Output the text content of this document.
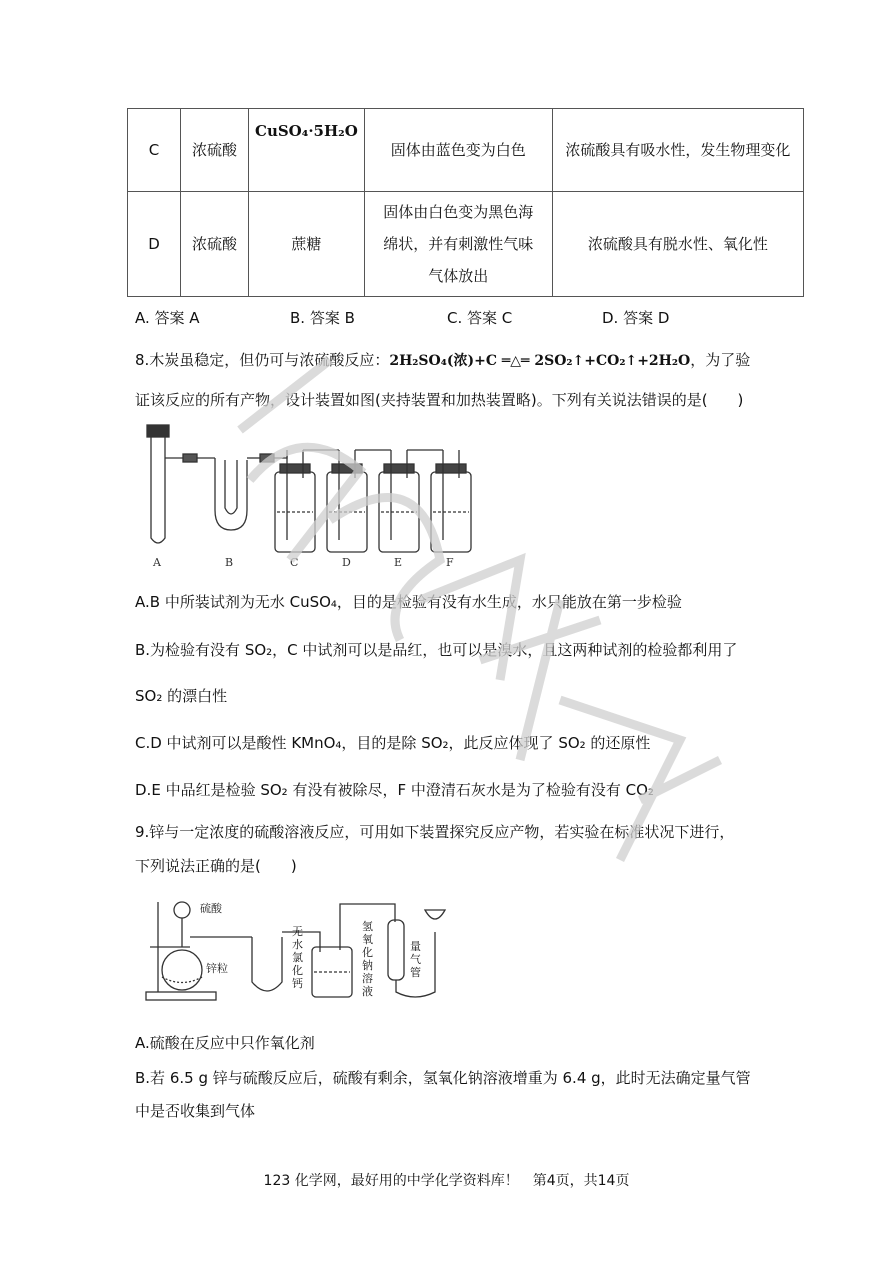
C	浓硫酸	CuSO₄·5H₂O	固体由蓝色变为白色	浓硫酸具有吸水性，发生物理变化
D	浓硫酸	蔗糖	固体由白色变为黑色海绵状，并有刺激性气味气体放出	浓硫酸具有脱水性、氧化性
A. 答案 A	B. 答案 B	C. 答案 C	D. 答案 D
8.木炭虽稳定，但仍可与浓硫酸反应：2H₂SO₄(浓)+C ═△═ 2SO₂↑+CO₂↑+2H₂O，为了验
证该反应的所有产物，设计装置如图(夹持装置和加热装置略)。下列有关说法错误的是(　　)
A	B	C	D	E	F
A.B 中所装试剂为无水 CuSO₄，目的是检验有没有水生成，水只能放在第一步检验
B.为检验有没有 SO₂，C 中试剂可以是品红，也可以是溴水，且这两种试剂的检验都利用了
SO₂ 的漂白性
C.D 中试剂可以是酸性 KMnO₄，目的是除 SO₂，此反应体现了 SO₂ 的还原性
D.E 中品红是检验 SO₂ 有没有被除尽，F 中澄清石灰水是为了检验有没有 CO₂
9.锌与一定浓度的硫酸溶液反应，可用如下装置探究反应产物，若实验在标准状况下进行，
下列说法正确的是(　　)
硫酸
锌粒
无水氯化钙
氢氧化钠溶液
量气管
A.硫酸在反应中只作氧化剂
B.若 6.5 g 锌与硫酸反应后，硫酸有剩余，氢氧化钠溶液增重为 6.4 g，此时无法确定量气管
中是否收集到气体
123 化学网，最好用的中学化学资料库！　第4页，共14页
